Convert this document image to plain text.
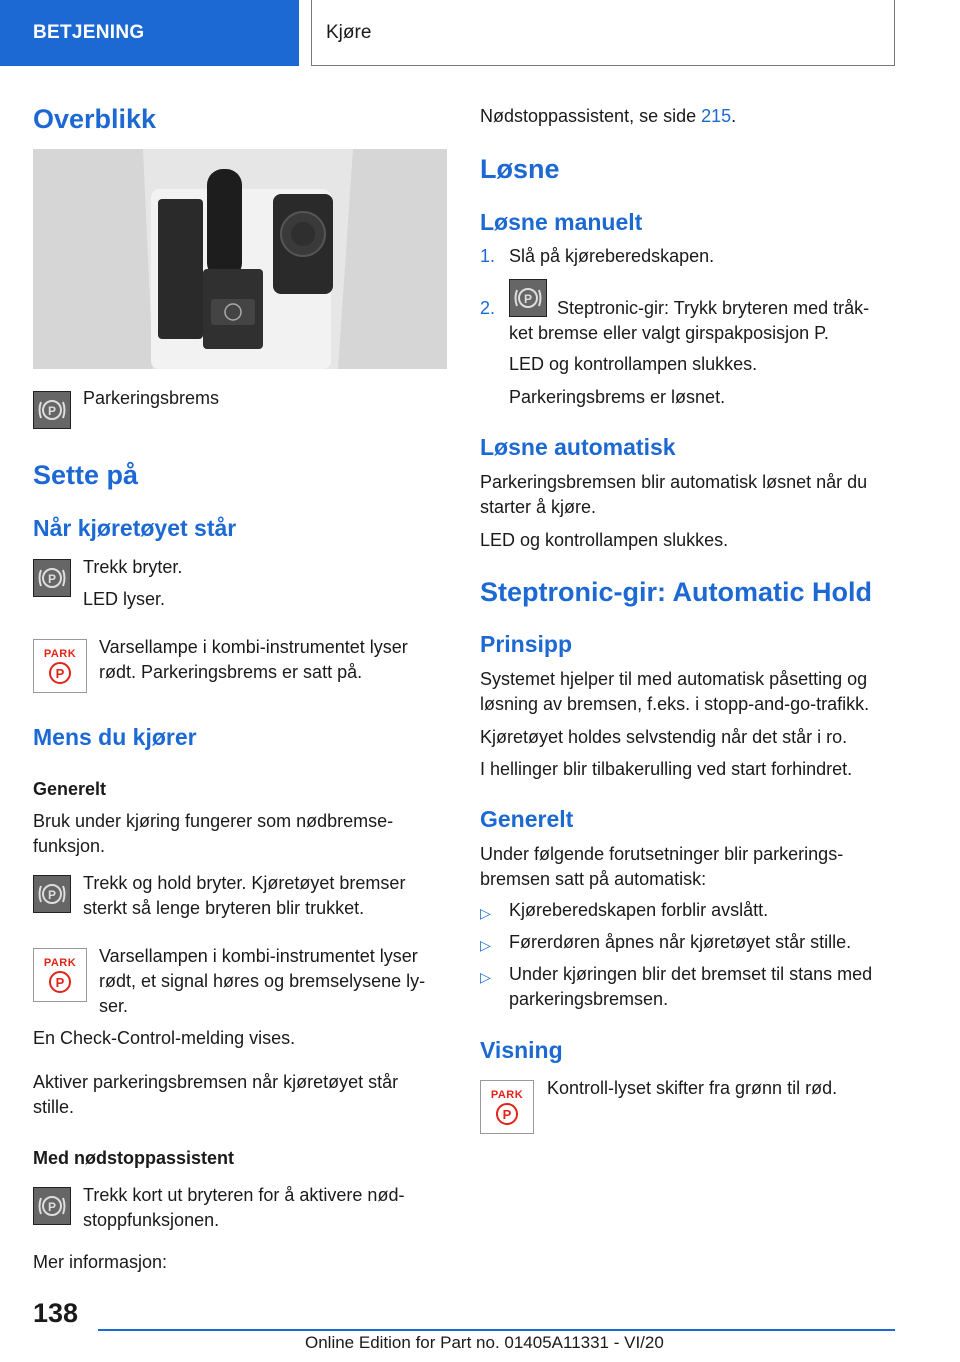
BETJENING	Kjøre
Overblikk
P

Parkeringsbrems

Sette på
Når kjøretøyet står
P

Trekk bryter.

LED lyser.

PARK
P

Varsellampe i kombi-instrumentet lyser

rødt. Parkeringsbrems er satt på.

Mens du kjører

Generelt

Bruk under kjøring fungerer som nødbremse-

funksjon.

P

Trekk og hold bryter. Kjøretøyet bremser

sterkt så lenge bryteren blir trukket.

PARK
P

Varsellampen i kombi-instrumentet lyser

rødt, et signal høres og bremselysene ly-

ser.

En Check-Control-melding vises.

Aktiver parkeringsbremsen når kjøretøyet står

stille.

Med nødstoppassistent

P

Trekk kort ut bryteren for å aktivere nød-

stoppfunksjonen.

Mer informasjon:

Nødstoppassistent, se side 215.

Løsne
Løsne manuelt

1. Slå på kjøreberedskapen.

2. P Steptronic-gir: Trykk bryteren med tråk-

ket bremse eller valgt girspakposisjon P.

LED og kontrollampen slukkes.

Parkeringsbrems er løsnet.

Løsne automatisk

Parkeringsbremsen blir automatisk løsnet når du

starter å kjøre.

LED og kontrollampen slukkes.

Steptronic-gir: Automatic Hold
Prinsipp

Systemet hjelper til med automatisk påsetting og

løsning av bremsen, f.eks. i stopp-and-go-trafikk.

Kjøretøyet holdes selvstendig når det står i ro.

I hellinger blir tilbakerulling ved start forhindret.

Generelt

Under følgende forutsetninger blir parkerings-

bremsen satt på automatisk:

▷ Kjøreberedskapen forblir avslått.

▷ Førerdøren åpnes når kjøretøyet står stille.

▷ Under kjøringen blir det bremset til stans med

parkeringsbremsen.

Visning
PARK
P

Kontroll-lyset skifter fra grønn til rød.

138
Online Edition for Part no. 01405A11331 - VI/20
